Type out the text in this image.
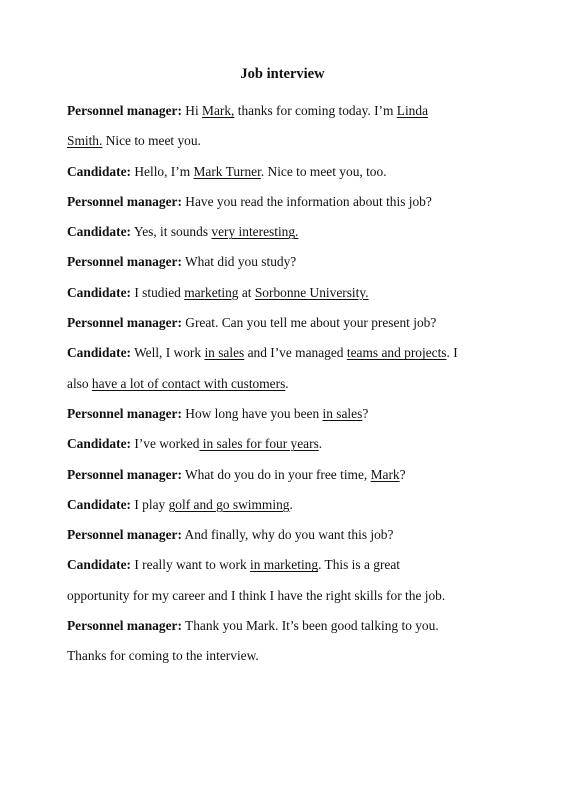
Job interview

Personnel manager: Hi Mark, thanks for coming today. I’m Linda

Smith. Nice to meet you.

Candidate: Hello, I’m Mark Turner. Nice to meet you, too.

Personnel manager: Have you read the information about this job?

Candidate: Yes, it sounds very interesting.

Personnel manager: What did you study?

Candidate: I studied marketing at Sorbonne University.

Personnel manager: Great. Can you tell me about your present job?

Candidate: Well, I work in sales and I’ve managed teams and projects. I

also have a lot of contact with customers.

Personnel manager: How long have you been in sales?

Candidate: I’ve worked in sales for four years.

Personnel manager: What do you do in your free time, Mark?

Candidate: I play golf and go swimming.

Personnel manager: And finally, why do you want this job?

Candidate: I really want to work in marketing. This is a great

opportunity for my career and I think I have the right skills for the job.

Personnel manager: Thank you Mark. It’s been good talking to you.

Thanks for coming to the interview.
